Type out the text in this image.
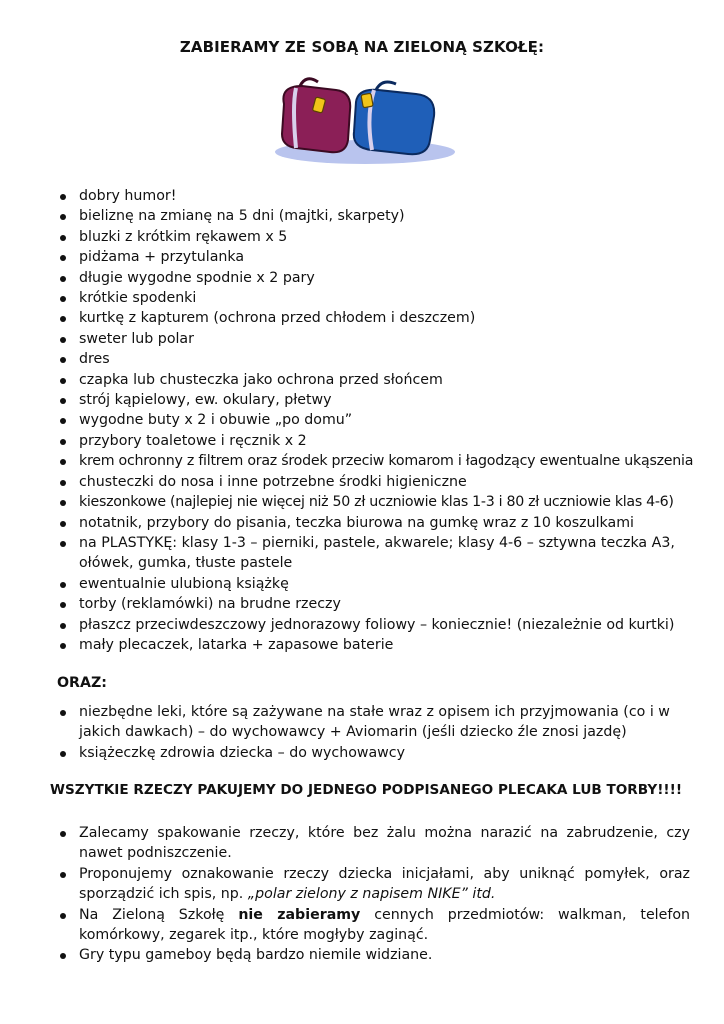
ZABIERAMY ZE SOBĄ NA ZIELONĄ SZKOŁĘ:
dobry humor!
bieliznę na zmianę na 5 dni (majtki, skarpety)
bluzki z krótkim rękawem x 5
pidżama + przytulanka
długie wygodne spodnie x 2 pary
krótkie spodenki
kurtkę z kapturem (ochrona przed chłodem i deszczem)
sweter lub polar
dres
czapka lub chusteczka jako ochrona przed słońcem
strój kąpielowy, ew. okulary, płetwy
wygodne buty x 2 i obuwie „po domu”
przybory toaletowe i ręcznik x 2
krem ochronny z filtrem oraz środek przeciw komarom i łagodzący ewentualne ukąszenia
chusteczki do nosa i inne potrzebne środki higieniczne
kieszonkowe (najlepiej nie więcej niż 50 zł uczniowie klas 1-3 i 80 zł uczniowie klas 4-6)
notatnik, przybory do pisania, teczka biurowa na gumkę wraz z 10 koszulkami
na PLASTYKĘ: klasy 1-3 – pierniki, pastele, akwarele; klasy 4-6 – sztywna teczka A3, ołówek, gumka, tłuste pastele
ewentualnie ulubioną książkę
torby (reklamówki) na brudne rzeczy
płaszcz przeciwdeszczowy jednorazowy foliowy – koniecznie! (niezależnie od kurtki)
mały plecaczek, latarka + zapasowe baterie
ORAZ:
niezbędne leki, które są zażywane na stałe wraz z opisem ich przyjmowania (co i w jakich dawkach) – do wychowawcy + Aviomarin (jeśli dziecko źle znosi jazdę)
książeczkę zdrowia dziecka – do wychowawcy
WSZYTKIE RZECZY PAKUJEMY DO JEDNEGO PODPISANEGO PLECAKA LUB TORBY!!!!
Zalecamy spakowanie rzeczy, które bez żalu można narazić na zabrudzenie, czy nawet podniszczenie.
Proponujemy oznakowanie rzeczy dziecka inicjałami, aby uniknąć pomyłek, oraz sporządzić ich spis, np. „polar zielony z napisem NIKE” itd.
Na Zieloną Szkołę nie zabieramy cennych przedmiotów: walkman, telefon komórkowy, zegarek itp., które mogłyby zaginąć.
Gry typu gameboy będą bardzo niemile widziane.
